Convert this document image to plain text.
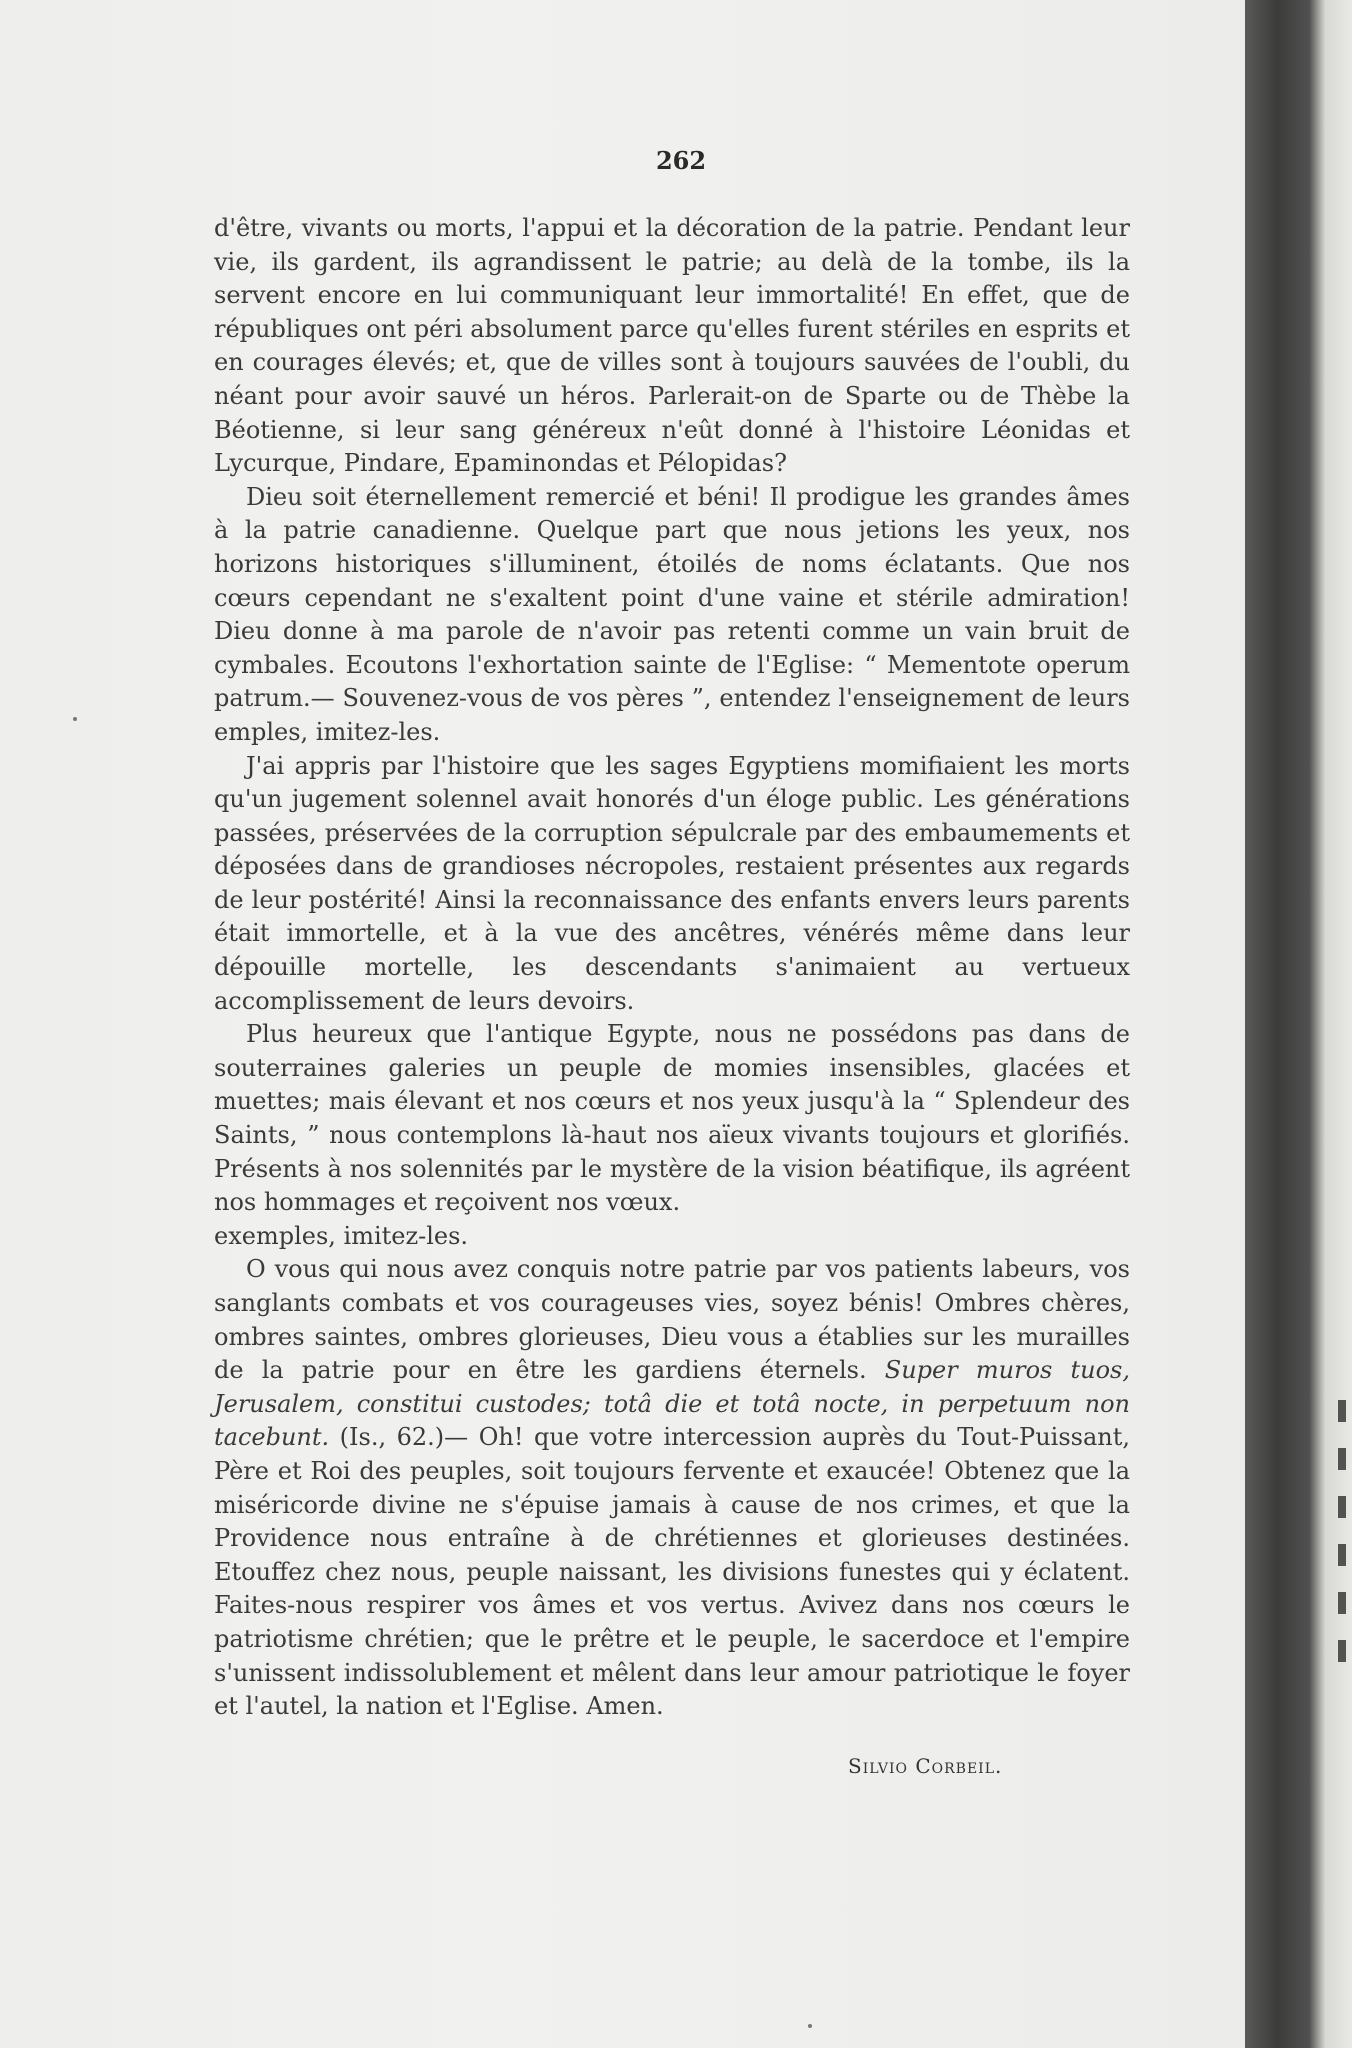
262

d'être, vivants ou morts, l'appui et la décoration de la patrie. Pendant leur vie, ils gardent, ils agrandissent le patrie; au delà de la tombe, ils la servent encore en lui communiquant leur immortalité! En effet, que de républiques ont péri absolument parce qu'elles furent stériles en esprits et en courages élevés; et, que de villes sont à toujours sauvées de l'oubli, du néant pour avoir sauvé un héros. Parlerait-on de Sparte ou de Thèbe la Béotienne, si leur sang généreux n'eût donné à l'histoire Léonidas et Lycurque, Pindare, Epaminondas et Pélopidas?

Dieu soit éternellement remercié et béni! Il prodigue les grandes âmes à la patrie canadienne. Quelque part que nous jetions les yeux, nos horizons historiques s'illuminent, étoilés de noms éclatants. Que nos cœurs cependant ne s'exaltent point d'une vaine et stérile admiration! Dieu donne à ma parole de n'avoir pas retenti comme un vain bruit de cymbales. Ecoutons l'exhortation sainte de l'Eglise: “ Mementote operum patrum.— Souvenez-vous de vos pères ”, entendez l'enseignement de leurs emples, imitez-les.

J'ai appris par l'histoire que les sages Egyptiens momifiaient les morts qu'un jugement solennel avait honorés d'un éloge public. Les générations passées, préservées de la corruption sépulcrale par des embaumements et déposées dans de grandioses nécropoles, restaient présentes aux regards de leur postérité! Ainsi la reconnaissance des enfants envers leurs parents était immortelle, et à la vue des ancêtres, vénérés même dans leur dépouille mortelle, les descendants s'animaient au vertueux accomplissement de leurs devoirs.

Plus heureux que l'antique Egypte, nous ne possédons pas dans de souterraines galeries un peuple de momies insensibles, glacées et muettes; mais élevant et nos cœurs et nos yeux jusqu'à la “ Splendeur des Saints, ” nous contemplons là-haut nos aïeux vivants toujours et glorifiés. Présents à nos solennités par le mystère de la vision béatifique, ils agréent nos hommages et reçoivent nos vœux.

exemples, imitez-les.

O vous qui nous avez conquis notre patrie par vos patients labeurs, vos sanglants combats et vos courageuses vies, soyez bénis! Ombres chères, ombres saintes, ombres glorieuses, Dieu vous a établies sur les murailles de la patrie pour en être les gardiens éternels. Super muros tuos, Jerusalem, constitui custodes; totâ die et totâ nocte, in perpetuum non tacebunt. (Is., 62.)— Oh! que votre intercession auprès du Tout-Puissant, Père et Roi des peuples, soit toujours fervente et exaucée! Obtenez que la miséricorde divine ne s'épuise jamais à cause de nos crimes, et que la Providence nous entraîne à de chrétiennes et glorieuses destinées. Etouffez chez nous, peuple naissant, les divisions funestes qui y éclatent. Faites-nous respirer vos âmes et vos vertus. Avivez dans nos cœurs le patriotisme chrétien; que le prêtre et le peuple, le sacerdoce et l'empire s'unissent indissolublement et mêlent dans leur amour patriotique le foyer et l'autel, la nation et l'Eglise. Amen.

Silvio Corbeil.
